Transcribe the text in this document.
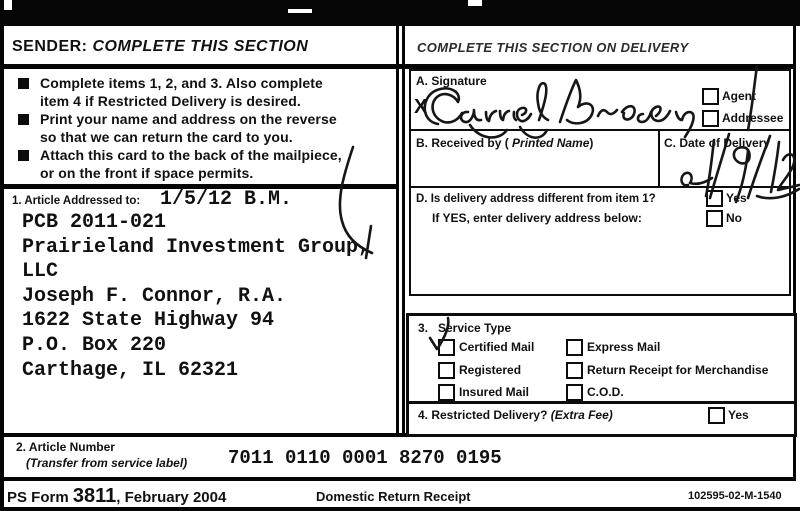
SENDER: COMPLETE THIS SECTION
Complete items 1, 2, and 3. Also complete
item 4 if Restricted Delivery is desired.
Print your name and address on the reverse
so that we can return the card to you.
Attach this card to the back of the mailpiece,
or on the front if space permits.
1. Article Addressed to: 1/5/12 B.M.
PCB 2011-021
Prairieland Investment Group,
LLC
Joseph F. Connor, R.A.
1622 State Highway 94
P.O. Box 220
Carthage, IL 62321
2. Article Number
(Transfer from service label) 7011 0110 0001 8270 0195
PS Form 3811, February 2004	Domestic Return Receipt	102595-02-M-1540
COMPLETE THIS SECTION ON DELIVERY
A. Signature
X	Agent
Addressee
B. Received by ( Printed Name)	C. Date of Delivery
D. Is delivery address different from item 1?
If YES, enter delivery address below:
Yes
No
3. Service Type
Certified Mail	Express Mail
Registered	Return Receipt for Merchandise
Insured Mail	C.O.D.
4. Restricted Delivery? (Extra Fee)	Yes
